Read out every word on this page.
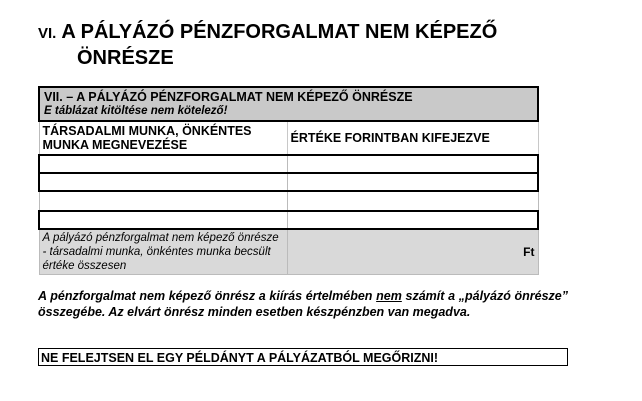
VI. A PÁLYÁZÓ PÉNZFORGALMAT NEM KÉPEZŐ
ÖNRÉSZE
VII. – A PÁLYÁZÓ PÉNZFORGALMAT NEM KÉPEZŐ ÖNRÉSZE
E táblázat kitöltése nem kötelező!	

TÁRSADALMI MUNKA, ÖNKÉNTES MUNKA MEGNEVEZÉSE	ÉRTÉKE FORINTBAN KIFEJEZVE

A pályázó pénzforgalmat nem képező önrésze - társadalmi munka, önkéntes munka becsült értéke összesen	Ft
A pénzforgalmat nem képező önrész a kiírás értelmében nem számít a „pályázó önrésze” összegébe. Az elvárt önrész minden esetben készpénzben van megadva.
NE FELEJTSEN EL EGY PÉLDÁNYT A PÁLYÁZATBÓL MEGŐRIZNI!
